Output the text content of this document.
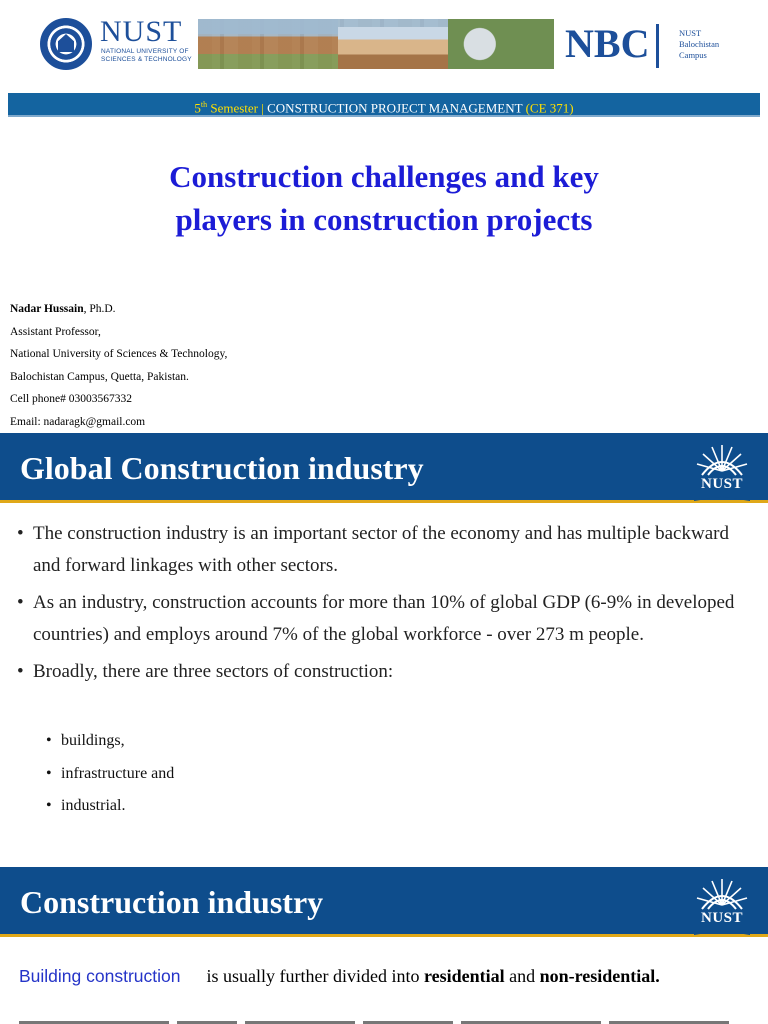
NUST
NATIONAL UNIVERSITY OF
SCIENCES & TECHNOLOGY	NBC	NUST
Balochistan
Campus
5th Semester | CONSTRUCTION PROJECT MANAGEMENT (CE 371)
Construction challenges and key
players in construction projects
Nadar Hussain, Ph.D.
Assistant Professor,
National University of Sciences & Technology,
Balochistan Campus, Quetta, Pakistan.
Cell phone# 03003567332
Email: nadaragk@gmail.com
Global Construction industry	NUST
• The construction industry is an important sector of the economy and has multiple backward and forward linkages with other sectors.
• As an industry, construction accounts for more than 10% of global GDP (6-9% in developed countries) and employs around 7% of the global workforce - over 273 m people.
• Broadly, there are three sectors of construction:
• buildings,
• infrastructure and
• industrial.
Construction industry	NUST
Building construction is usually further divided into residential and non-residential.
